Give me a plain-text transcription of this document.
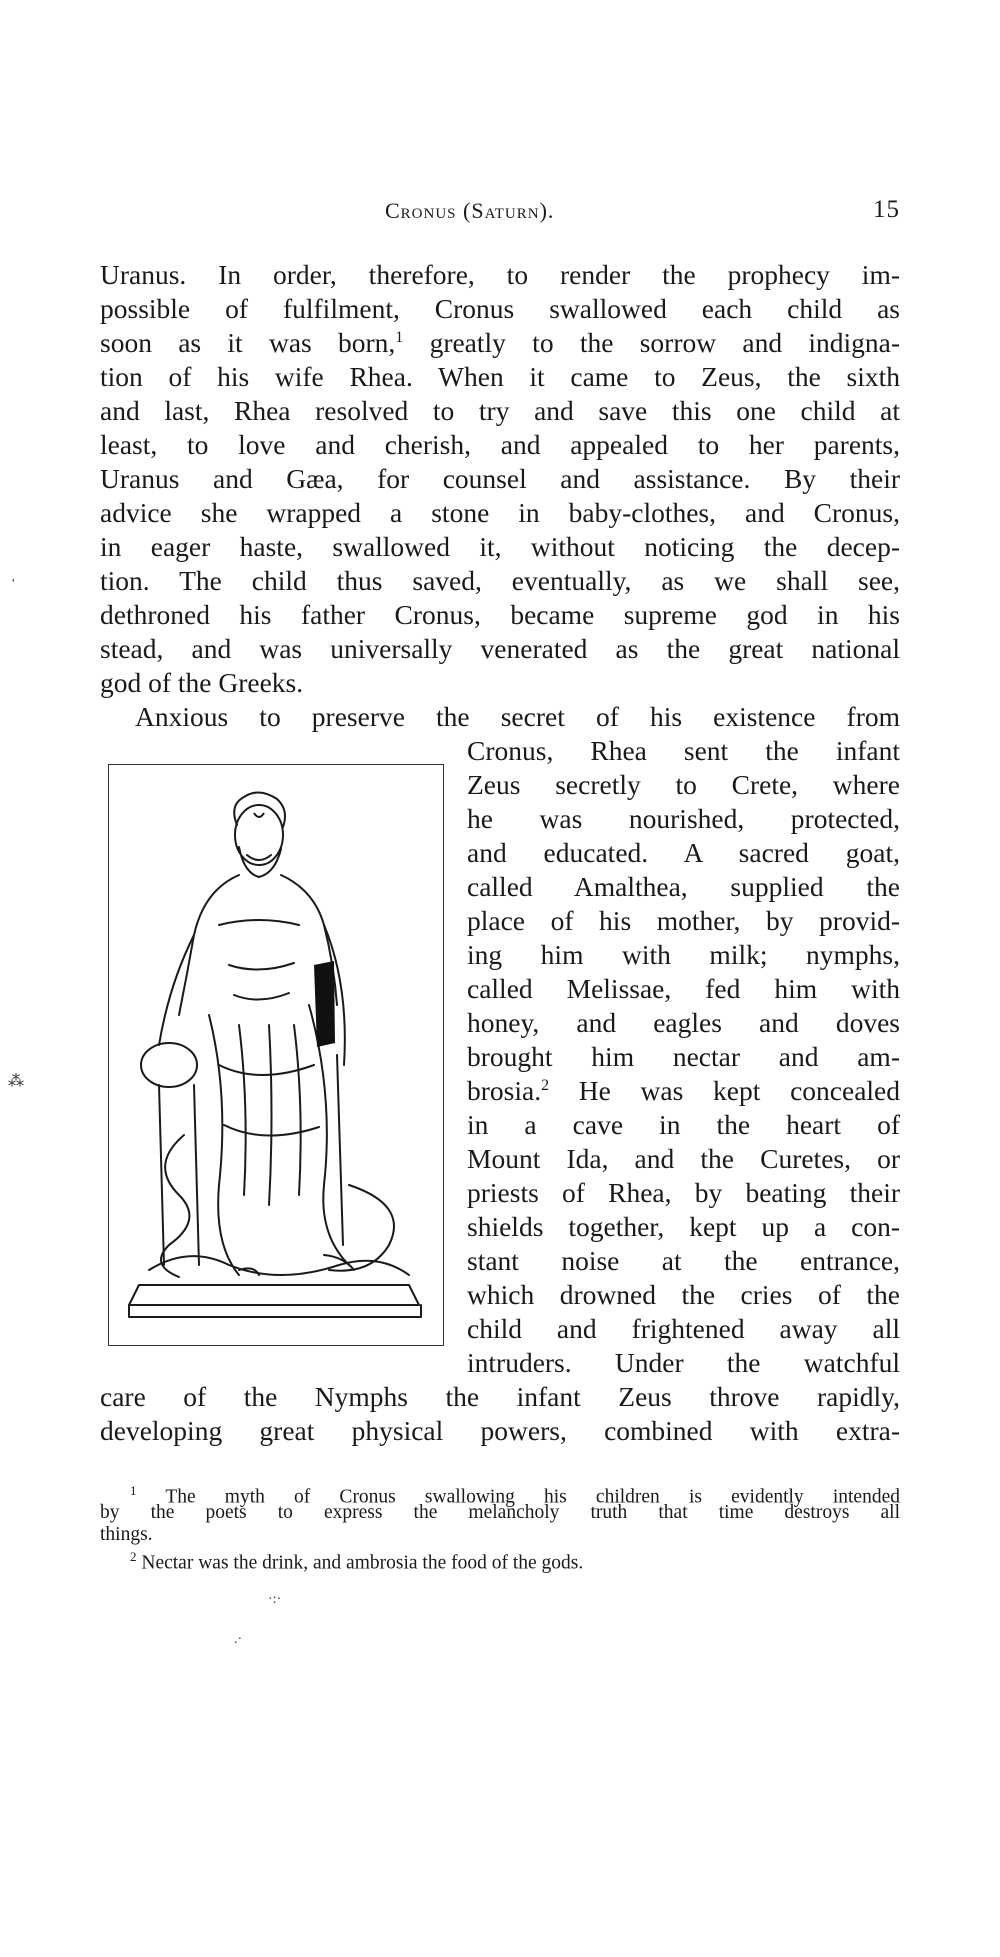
Cronus (Saturn).	15
Uranus. In order, therefore, to render the prophecy im-
possible of fulfilment, Cronus swallowed each child as
soon as it was born,$^1$ greatly to the sorrow and indigna-
tion of his wife Rhea. When it came to Zeus, the sixth
and last, Rhea resolved to try and save this one child at
least, to love and cherish, and appealed to her parents,
Uranus and Gæa, for counsel and assistance. By their
advice she wrapped a stone in baby-clothes, and Cronus,
in eager haste, swallowed it, without noticing the decep-
tion. The child thus saved, eventually, as we shall see,
dethroned his father Cronus, became supreme god in his
stead, and was universally venerated as the great national
god of the Greeks.
Anxious to preserve the secret of his existence from
Cronus, Rhea sent the infant
Zeus secretly to Crete, where
he was nourished, protected,
and educated. A sacred goat,
called Amalthea, supplied the
place of his mother, by provid-
ing him with milk; nymphs,
called Melissae, fed him with
honey, and eagles and doves
brought him nectar and am-
brosia.$^2$ He was kept concealed
in a cave in the heart of
Mount Ida, and the Curetes, or
priests of Rhea, by beating their
shields together, kept up a con-
stant noise at the entrance,
which drowned the cries of the
child and frightened away all
intruders. Under the watchful
care of the Nymphs the infant Zeus throve rapidly,
developing great physical powers, combined with extra-
$^1$ The myth of Cronus swallowing his children is evidently intended
by the poets to express the melancholy truth that time destroys all
things.
$^2$ Nectar was the drink, and ambrosia the food of the gods.
'
⁂
·:·
.·
